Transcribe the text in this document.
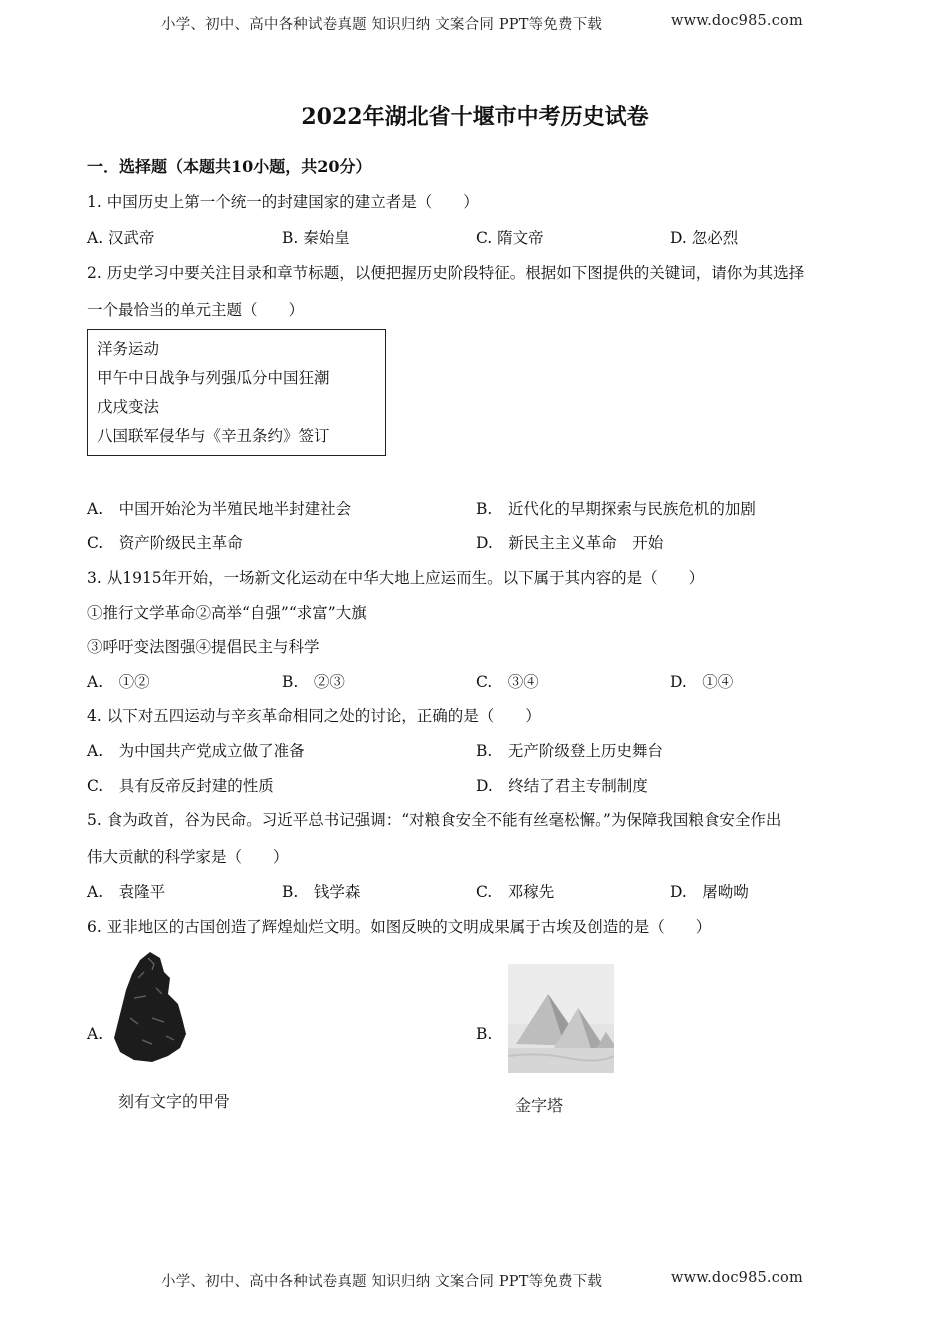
小学、初中、高中各种试卷真题 知识归纳 文案合同 PPT等免费下载	www.doc985.com
2022年湖北省十堰市中考历史试卷
一．选择题（本题共10小题，共20分）
1. 中国历史上第一个统一的封建国家的建立者是（　　）
A. 汉武帝	B. 秦始皇	C. 隋文帝	D. 忽必烈
2. 历史学习中要关注目录和章节标题，以便把握历史阶段特征。根据如下图提供的关键词，请你为其选择
一个最恰当的单元主题（　　）
洋务运动
甲午中日战争与列强瓜分中国狂潮
戊戌变法
八国联军侵华与《辛丑条约》签订
A.　中国开始沦为半殖民地半封建社会	B.　近代化的早期探索与民族危机的加剧
C.　资产阶级民主革命	D.　新民主主义革命　开始
3. 从1915年开始，一场新文化运动在中华大地上应运而生。以下属于其内容的是（　　）
①推行文学革命②高举“自强”“求富”大旗
③呼吁变法图强④提倡民主与科学
A.　①②	B.　②③	C.　③④	D.　①④
4. 以下对五四运动与辛亥革命相同之处的讨论，正确的是（　　）
A.　为中国共产党成立做了准备	B.　无产阶级登上历史舞台
C.　具有反帝反封建的性质	D.　终结了君主专制制度
5. 食为政首，谷为民命。习近平总书记强调：“对粮食安全不能有丝毫松懈。”为保障我国粮食安全作出
伟大贡献的科学家是（　　）
A.　袁隆平	B.　钱学森	C.　邓稼先	D.　屠呦呦
6. 亚非地区的古国创造了辉煌灿烂文明。如图反映的文明成果属于古埃及创造的是（　　）
A.
刻有文字的甲骨
B.
金字塔
小学、初中、高中各种试卷真题 知识归纳 文案合同 PPT等免费下载	www.doc985.com
